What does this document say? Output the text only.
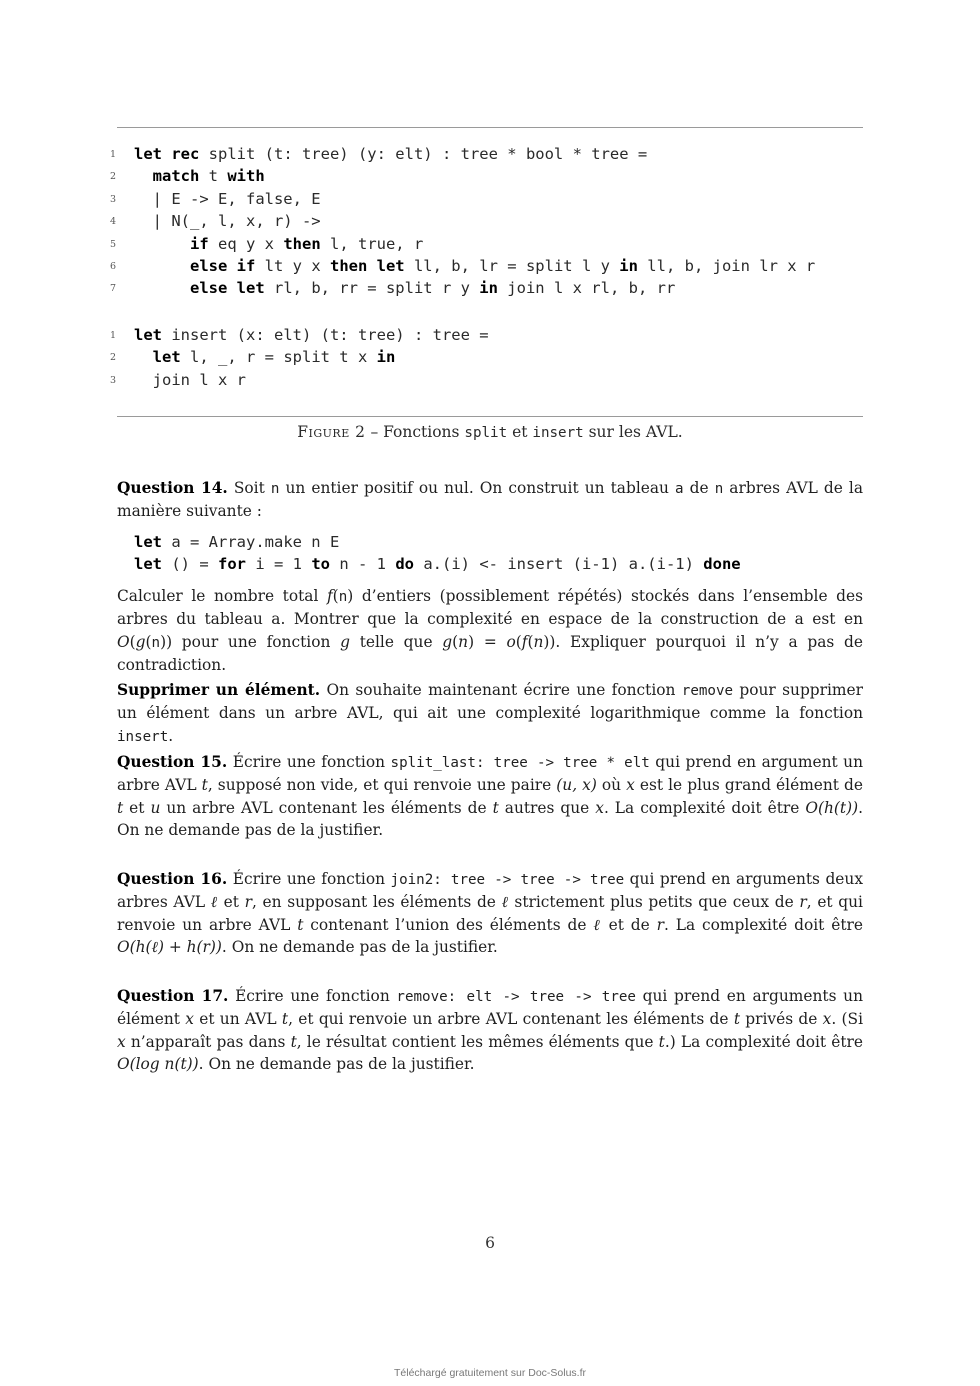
1	let rec split (t: tree) (y: elt) : tree * bool * tree =
2	match t with
3	| E -> E, false, E
4	| N(_, l, x, r) ->
5	if eq y x then l, true, r
6	else if lt y x then let ll, b, lr = split l y in ll, b, join lr x r
7	else let rl, b, rr = split r y in join l x rl, b, rr
1	let insert (x: elt) (t: tree) : tree =
2	let l, _, r = split t x in
3	join l x r
Figure 2 – Fonctions split et insert sur les AVL.
Question 14. Soit n un entier positif ou nul. On construit un tableau a de n arbres AVL de la manière suivante :
let a = Array.make n E
let () = for i = 1 to n - 1 do a.(i) <- insert (i-1) a.(i-1) done
Calculer le nombre total f(n) d’entiers (possiblement répétés) stockés dans l’ensemble des arbres du tableau a. Montrer que la complexité en espace de la construction de a est en O(g(n)) pour une fonction g telle que g(n) = o(f(n)). Expliquer pourquoi il n’y a pas de contradiction.
Supprimer un élément. On souhaite maintenant écrire une fonction remove pour supprimer un élément dans un arbre AVL, qui ait une complexité logarithmique comme la fonction insert.
Question 15. Écrire une fonction split_last: tree -> tree * elt qui prend en argument un arbre AVL t, supposé non vide, et qui renvoie une paire (u, x) où x est le plus grand élément de t et u un arbre AVL contenant les éléments de t autres que x. La complexité doit être O(h(t)). On ne demande pas de la justifier.
Question 16. Écrire une fonction join2: tree -> tree -> tree qui prend en arguments deux arbres AVL ℓ et r, en supposant les éléments de ℓ strictement plus petits que ceux de r, et qui renvoie un arbre AVL t contenant l’union des éléments de ℓ et de r. La complexité doit être O(h(ℓ) + h(r)). On ne demande pas de la justifier.
Question 17. Écrire une fonction remove: elt -> tree -> tree qui prend en arguments un élément x et un AVL t, et qui renvoie un arbre AVL contenant les éléments de t privés de x. (Si x n’apparaît pas dans t, le résultat contient les mêmes éléments que t.) La complexité doit être O(log n(t)). On ne demande pas de la justifier.
6
Téléchargé gratuitement sur Doc-Solus.fr
